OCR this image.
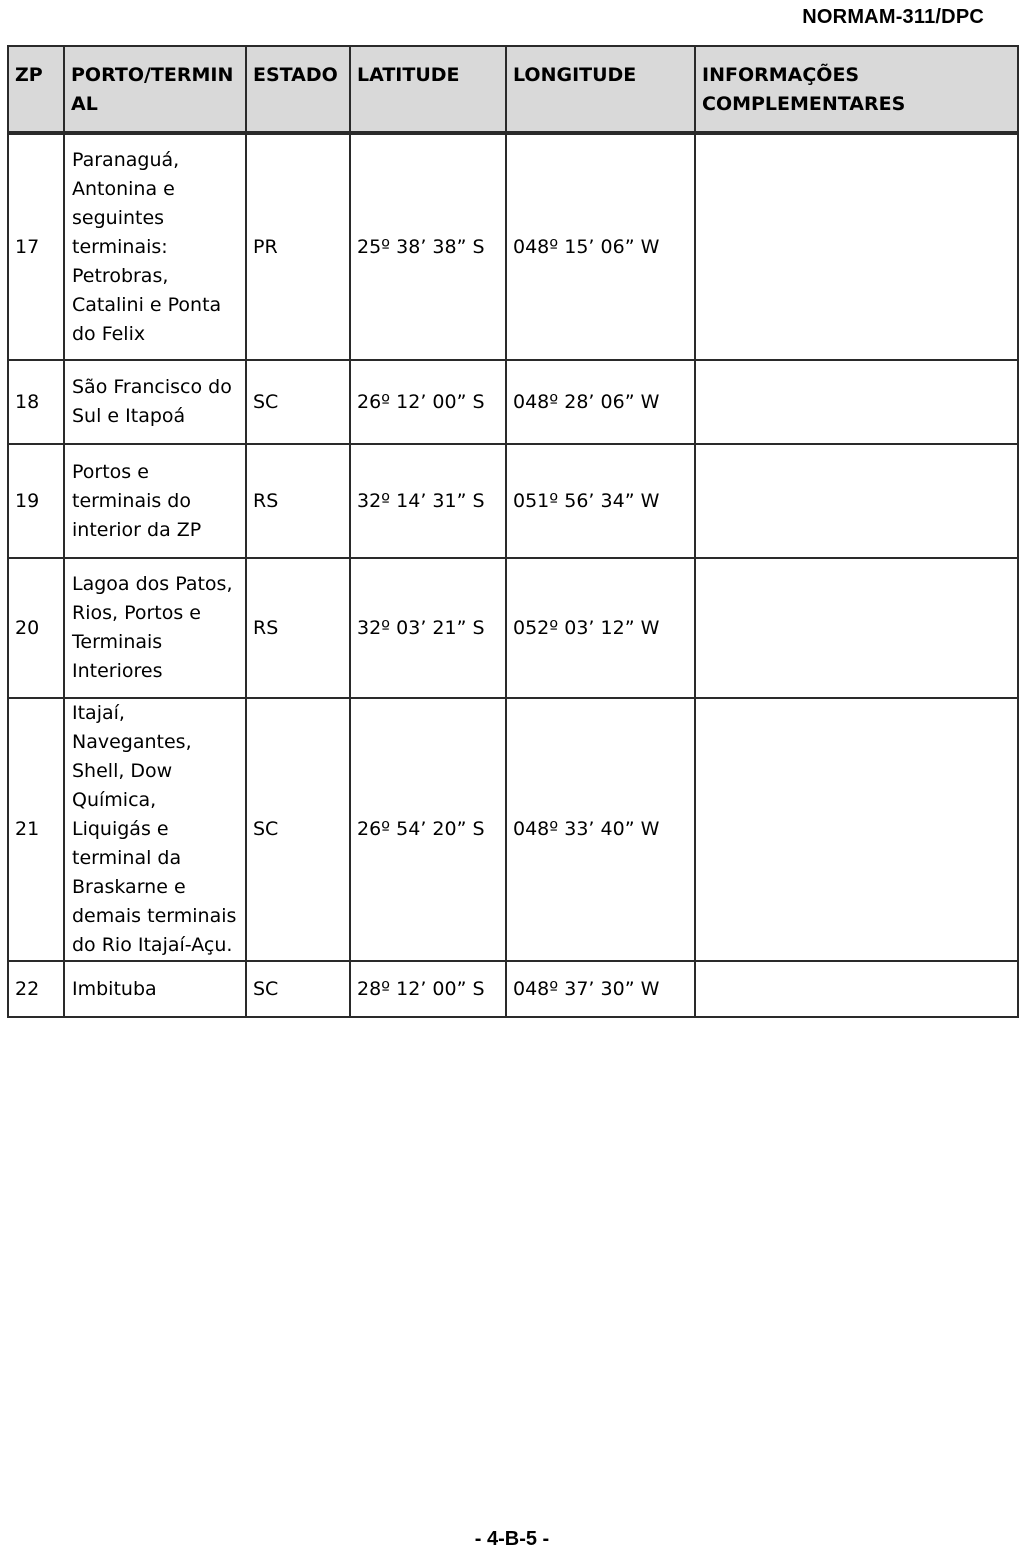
NORMAM-311/DPC
ZP	PORTO/TERMIN AL	ESTADO	LATITUDE	LONGITUDE	INFORMAÇÕES COMPLEMENTARES
17	Paranaguá, Antonina e seguintes terminais: Petrobras, Catalini e Ponta do Felix	PR	25º 38’ 38” S	048º 15’ 06” W	
18	São Francisco do Sul e Itapoá	SC	26º 12’ 00” S	048º 28’ 06” W	
19	Portos e terminais do interior da ZP	RS	32º 14’ 31” S	051º 56’ 34” W	
20	Lagoa dos Patos, Rios, Portos e Terminais Interiores	RS	32º 03’ 21” S	052º 03’ 12” W	
21	Itajaí, Navegantes, Shell, Dow Química, Liquigás e terminal da Braskarne e demais terminais do Rio Itajaí-Açu.	SC	26º 54’ 20” S	048º 33’ 40” W	
22	Imbituba	SC	28º 12’ 00” S	048º 37’ 30” W	
- 4-B-5 -
